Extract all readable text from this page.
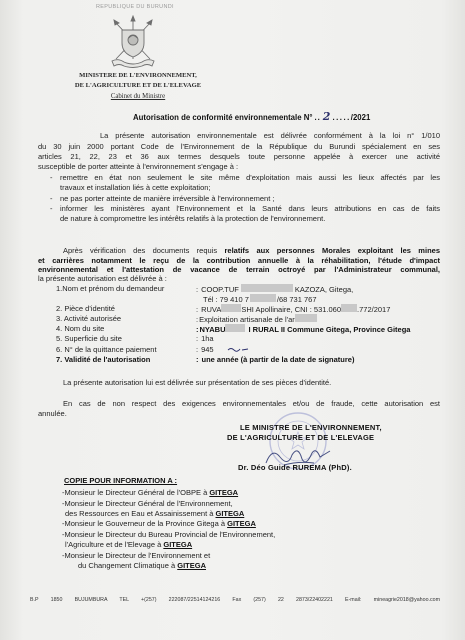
REPUBLIQUE DU BURUNDI
MINISTERE DE L'ENVIRONNEMENT,
DE L'AGRICULTURE ET DE L'ELEVAGE
Cabinet du Ministre
Autorisation de conformité environnementale N° .. 2 ..... /2021
La présente autorisation environnementale est délivrée conformément à la loi n° 1/010
du 30 juin 2000 portant Code de l'Environnement de la République du Burundi spécialement en ses
articles 21, 22, 23 et 36 aux termes desquels toute personne appelée à exercer une activité
susceptible de porter atteinte à l'environnement s'engage à :
- remettre en état non seulement le site même d'exploitation mais aussi les lieux affectés par les
travaux et installation liés à cette exploitation;
- ne pas porter atteinte de manière irréversible à l'environnement ;
- informer les ministères ayant l'Environnement et la Santé dans leurs attributions en cas de faits
de nature à compromettre les intérêts relatifs à la protection de l'environnement.
Après vérification des documents requis relatifs aux personnes Morales exploitant les mines
et carrières notamment le reçu de la contribution annuelle à la réhabilitation, l'étude d'impact
environnemental et l'attestation de vacance de terrain octroyé par l'Administrateur communal,
la présente autorisation est délivrée à :
1.Nom et prénom du demandeur	: COOP.TUF	KAZOZA, Gitega,
Tél : 79 410 7	/68 731 767
2. Pièce d'identité	: RUVA	SHI Apollinaire, CNI : 531.060 .772/2017
3. Activité autorisée	: Exploitation artisanale de l'ar
4. Nom du site	: NYABU	I RURAL II Commune Gitega, Province Gitega
5. Superficie du site	: 1ha
6. N° de la quittance paiement	: 945
7. Validité de l'autorisation	: une année (à partir de la date de signature)
La présente autorisation lui est délivrée sur présentation de ses pièces d'identité.
En cas de non respect des exigences environnementales et/ou de fraude, cette autorisation est
annulée.
LE MINISTRE DE L'ENVIRONNEMENT,
DE L'AGRICULTURE ET DE L'ELEVAGE
Dr. Déo Guide RUREMA (PhD).
COPIE POUR INFORMATION A :
-Monsieur le Directeur Général de l'OBPE à GITEGA
-Monsieur le Directeur Général de l'Environnement,
des Ressources en Eau et Assainissement à GITEGA
-Monsieur le Gouverneur de la Province Gitega à GITEGA
-Monsieur le Directeur du Bureau Provincial de l'Environnement,
l'Agriculture et de l'Elevage à GITEGA
-Monsieur le Directeur de l'Environnement et
du Changement Climatique à GITEGA
B.P 1850 BUJUMBURA TEL +(257) 222087/22514124216 Fax (257) 22 2873/22402221 E-mail: mineagrie2018@yahoo.com
